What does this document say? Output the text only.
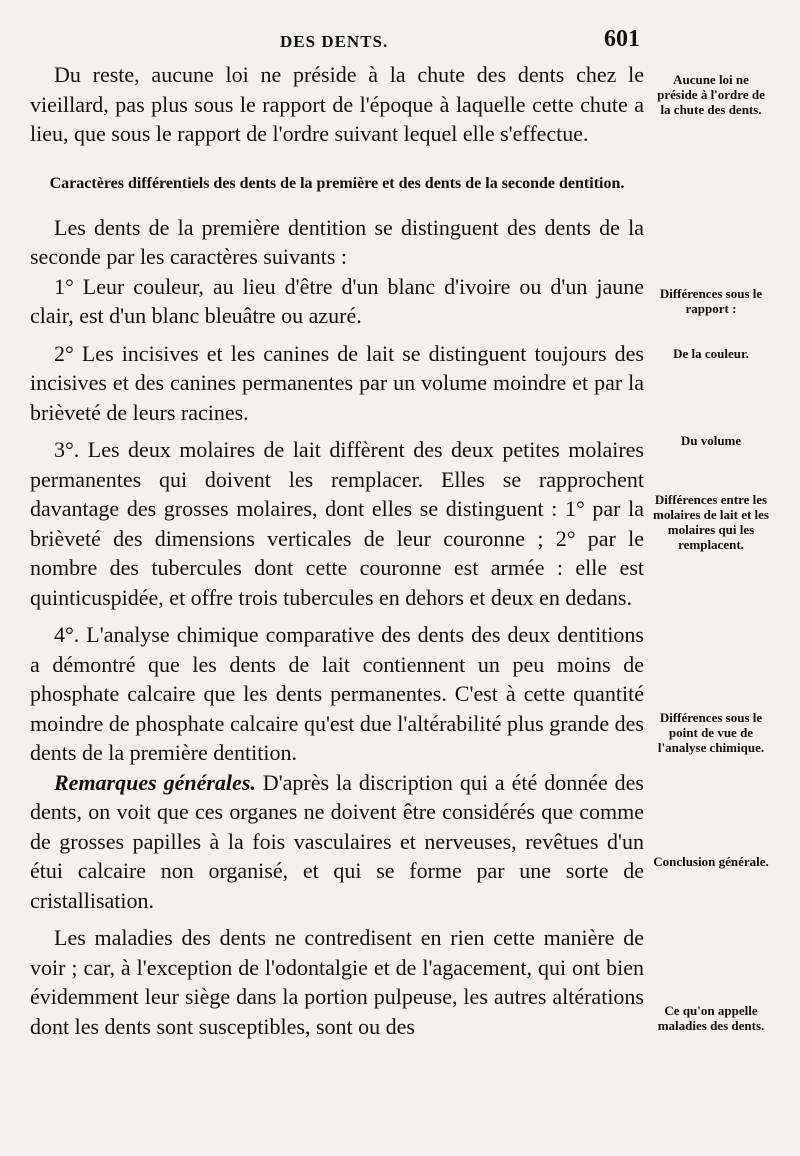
DES DENTS.	601

Du reste, aucune loi ne préside à la chute des dents chez le vieillard, pas plus sous le rapport de l'époque à laquelle cette chute a lieu, que sous le rapport de l'ordre suivant lequel elle s'effectue.

Caractères différentiels des dents de la première et des dents de la seconde dentition.

Les dents de la première dentition se distinguent des dents de la seconde par les caractères suivants :

1° Leur couleur, au lieu d'être d'un blanc d'ivoire ou d'un jaune clair, est d'un blanc bleuâtre ou azuré.

2° Les incisives et les canines de lait se distinguent toujours des incisives et des canines permanentes par un volume moindre et par la brièveté de leurs racines.

3°. Les deux molaires de lait diffèrent des deux petites molaires permanentes qui doivent les remplacer. Elles se rapprochent davantage des grosses molaires, dont elles se distinguent : 1° par la brièveté des dimensions verticales de leur couronne ; 2° par le nombre des tubercules dont cette couronne est armée : elle est quinticuspidée, et offre trois tubercules en dehors et deux en dedans.

4°. L'analyse chimique comparative des dents des deux dentitions a démontré que les dents de lait contiennent un peu moins de phosphate calcaire que les dents permanentes. C'est à cette quantité moindre de phosphate calcaire qu'est due l'altérabilité plus grande des dents de la première dentition.

Remarques générales. D'après la discription qui a été donnée des dents, on voit que ces organes ne doivent être considérés que comme de grosses papilles à la fois vasculaires et nerveuses, revêtues d'un étui calcaire non organisé, et qui se forme par une sorte de cristallisation.

Les maladies des dents ne contredisent en rien cette manière de voir ; car, à l'exception de l'odontalgie et de l'agacement, qui ont bien évidemment leur siège dans la portion pulpeuse, les autres altérations dont les dents sont susceptibles, sont ou des

Aucune loi ne préside à l'ordre de la chute des dents.
Différences sous le rapport :
De la couleur.
Du volume
Différences entre les molaires de lait et les molaires qui les remplacent.
Différences sous le point de vue de l'analyse chimique.
Conclusion générale.
Ce qu'on appelle maladies des dents.
